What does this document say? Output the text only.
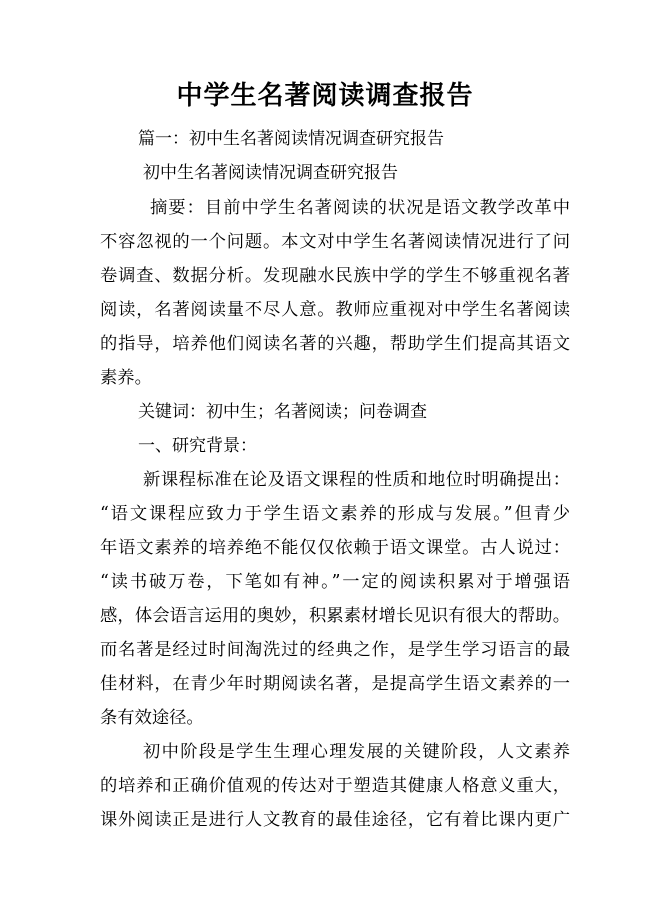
中学生名著阅读调查报告
篇一：初中生名著阅读情况调查研究报告
初中生名著阅读情况调查研究报告
摘要：目前中学生名著阅读的状况是语文教学改革中
不容忽视的一个问题。本文对中学生名著阅读情况进行了问
卷调查、数据分析。发现融水民族中学的学生不够重视名著
阅读，名著阅读量不尽人意。教师应重视对中学生名著阅读
的指导，培养他们阅读名著的兴趣，帮助学生们提高其语文
素养。
关键词：初中生；名著阅读；问卷调查
一、研究背景：
新课程标准在论及语文课程的性质和地位时明确提出：
“语文课程应致力于学生语文素养的形成与发展。”但青少
年语文素养的培养绝不能仅仅依赖于语文课堂。古人说过：
“读书破万卷，下笔如有神。”一定的阅读积累对于增强语
感，体会语言运用的奥妙，积累素材增长见识有很大的帮助。
而名著是经过时间淘洗过的经典之作，是学生学习语言的最
佳材料，在青少年时期阅读名著，是提高学生语文素养的一
条有效途径。
初中阶段是学生生理心理发展的关键阶段，人文素养
的培养和正确价值观的传达对于塑造其健康人格意义重大，
课外阅读正是进行人文教育的最佳途径，它有着比课内更广
